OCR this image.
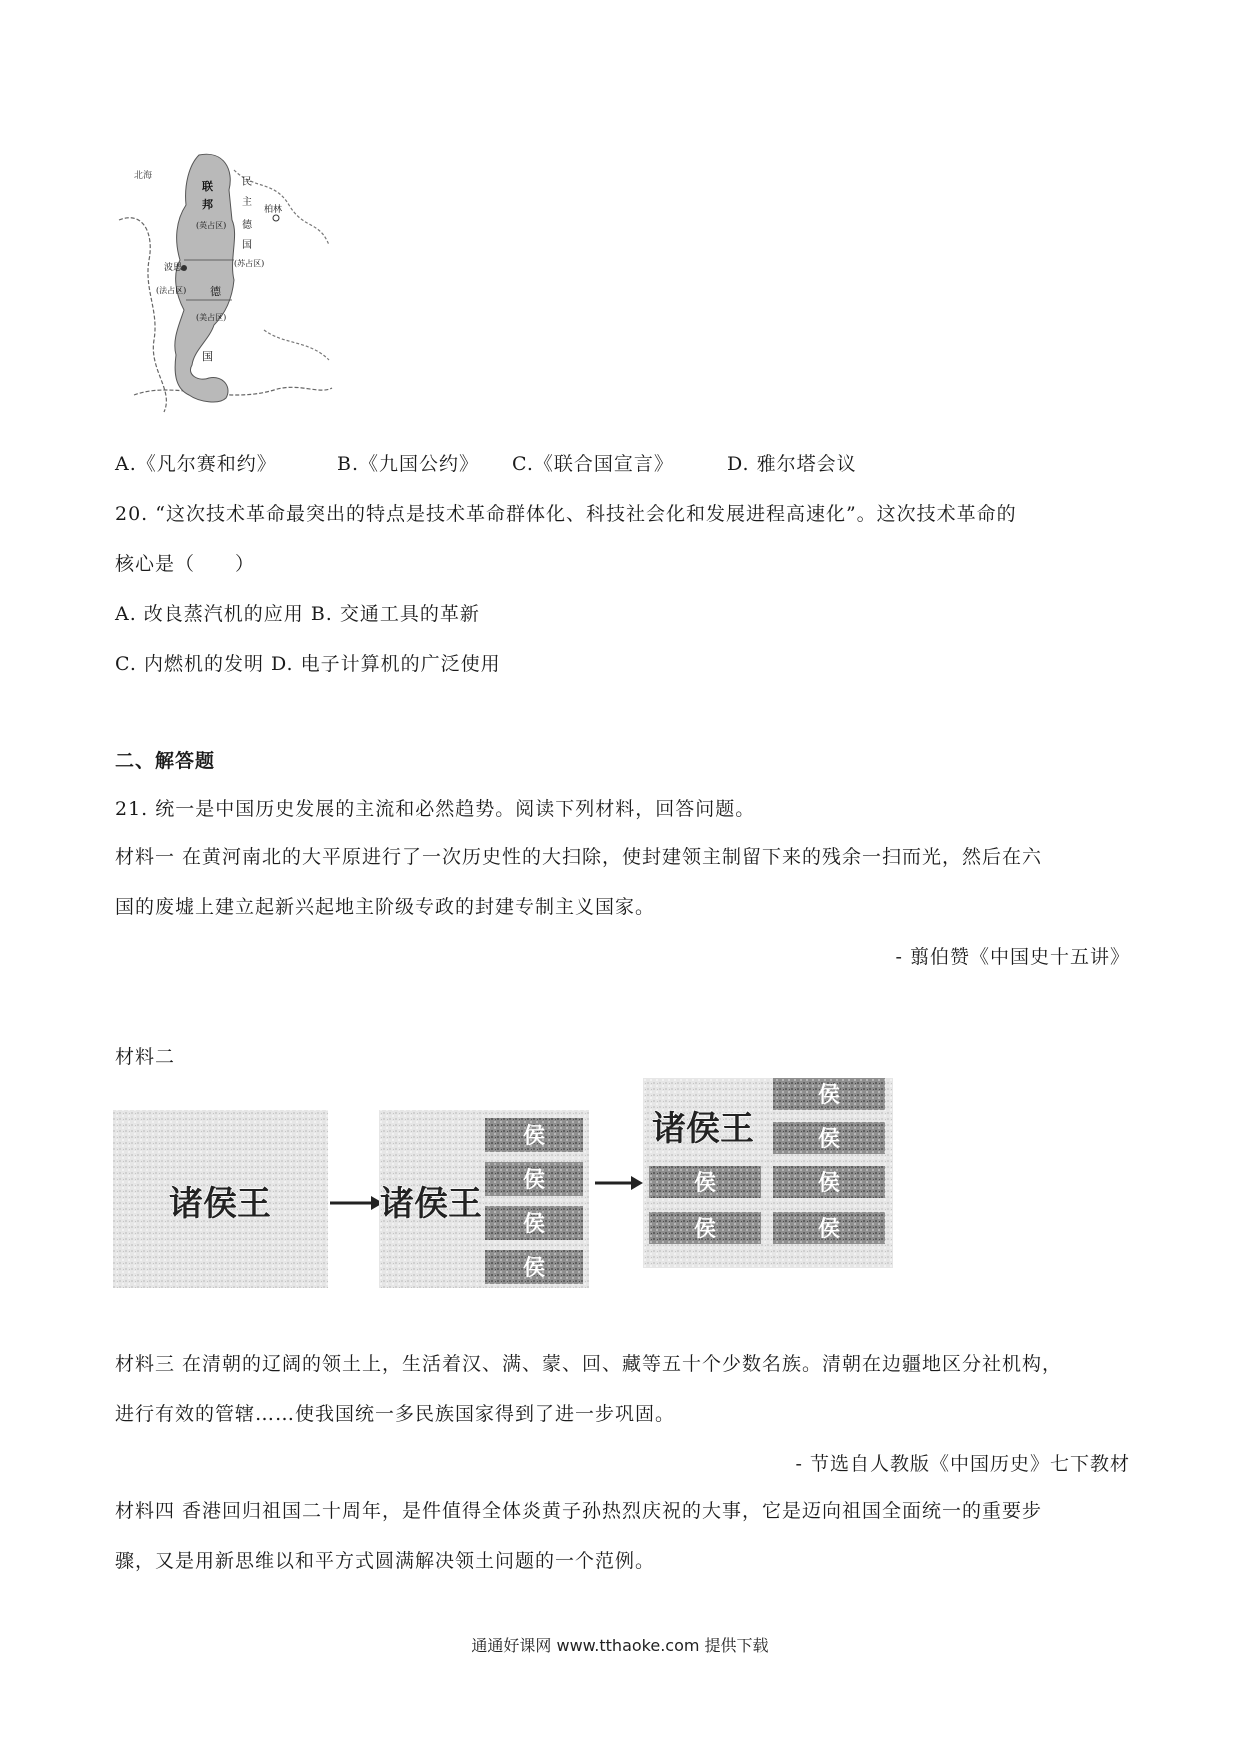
北海
民
主
柏林
联
邦
(英占区) 德
国
(苏占区)
波恩
(法占区)
(美占区)
德
国
A.《凡尔赛和约》	B.《九国公约》 C.《联合国宣言》	D. 雅尔塔会议
20. “这次技术革命最突出的特点是技术革命群体化、科技社会化和发展进程高速化”。这次技术革命的
核心是（　　）
A. 改良蒸汽机的应用 B. 交通工具的革新
C. 内燃机的发明 D. 电子计算机的广泛使用
二、解答题
21. 统一是中国历史发展的主流和必然趋势。阅读下列材料，回答问题。
材料一 在黄河南北的大平原进行了一次历史性的大扫除，使封建领主制留下来的残余一扫而光，然后在六
国的废墟上建立起新兴起地主阶级专政的封建专制主义国家。
- 翦伯赞《中国史十五讲》
材料二
诸侯王	诸侯王
侯
侯
侯
侯
诸侯王
侯
侯
侯	侯
侯	侯
材料三 在清朝的辽阔的领土上，生活着汉、满、蒙、回、藏等五十个少数名族。清朝在边疆地区分社机构，
进行有效的管辖……使我国统一多民族国家得到了进一步巩固。
- 节选自人教版《中国历史》七下教材
材料四 香港回归祖国二十周年，是件值得全体炎黄子孙热烈庆祝的大事，它是迈向祖国全面统一的重要步
骤，又是用新思维以和平方式圆满解决领土问题的一个范例。
通通好课网 www.tthaoke.com 提供下载
